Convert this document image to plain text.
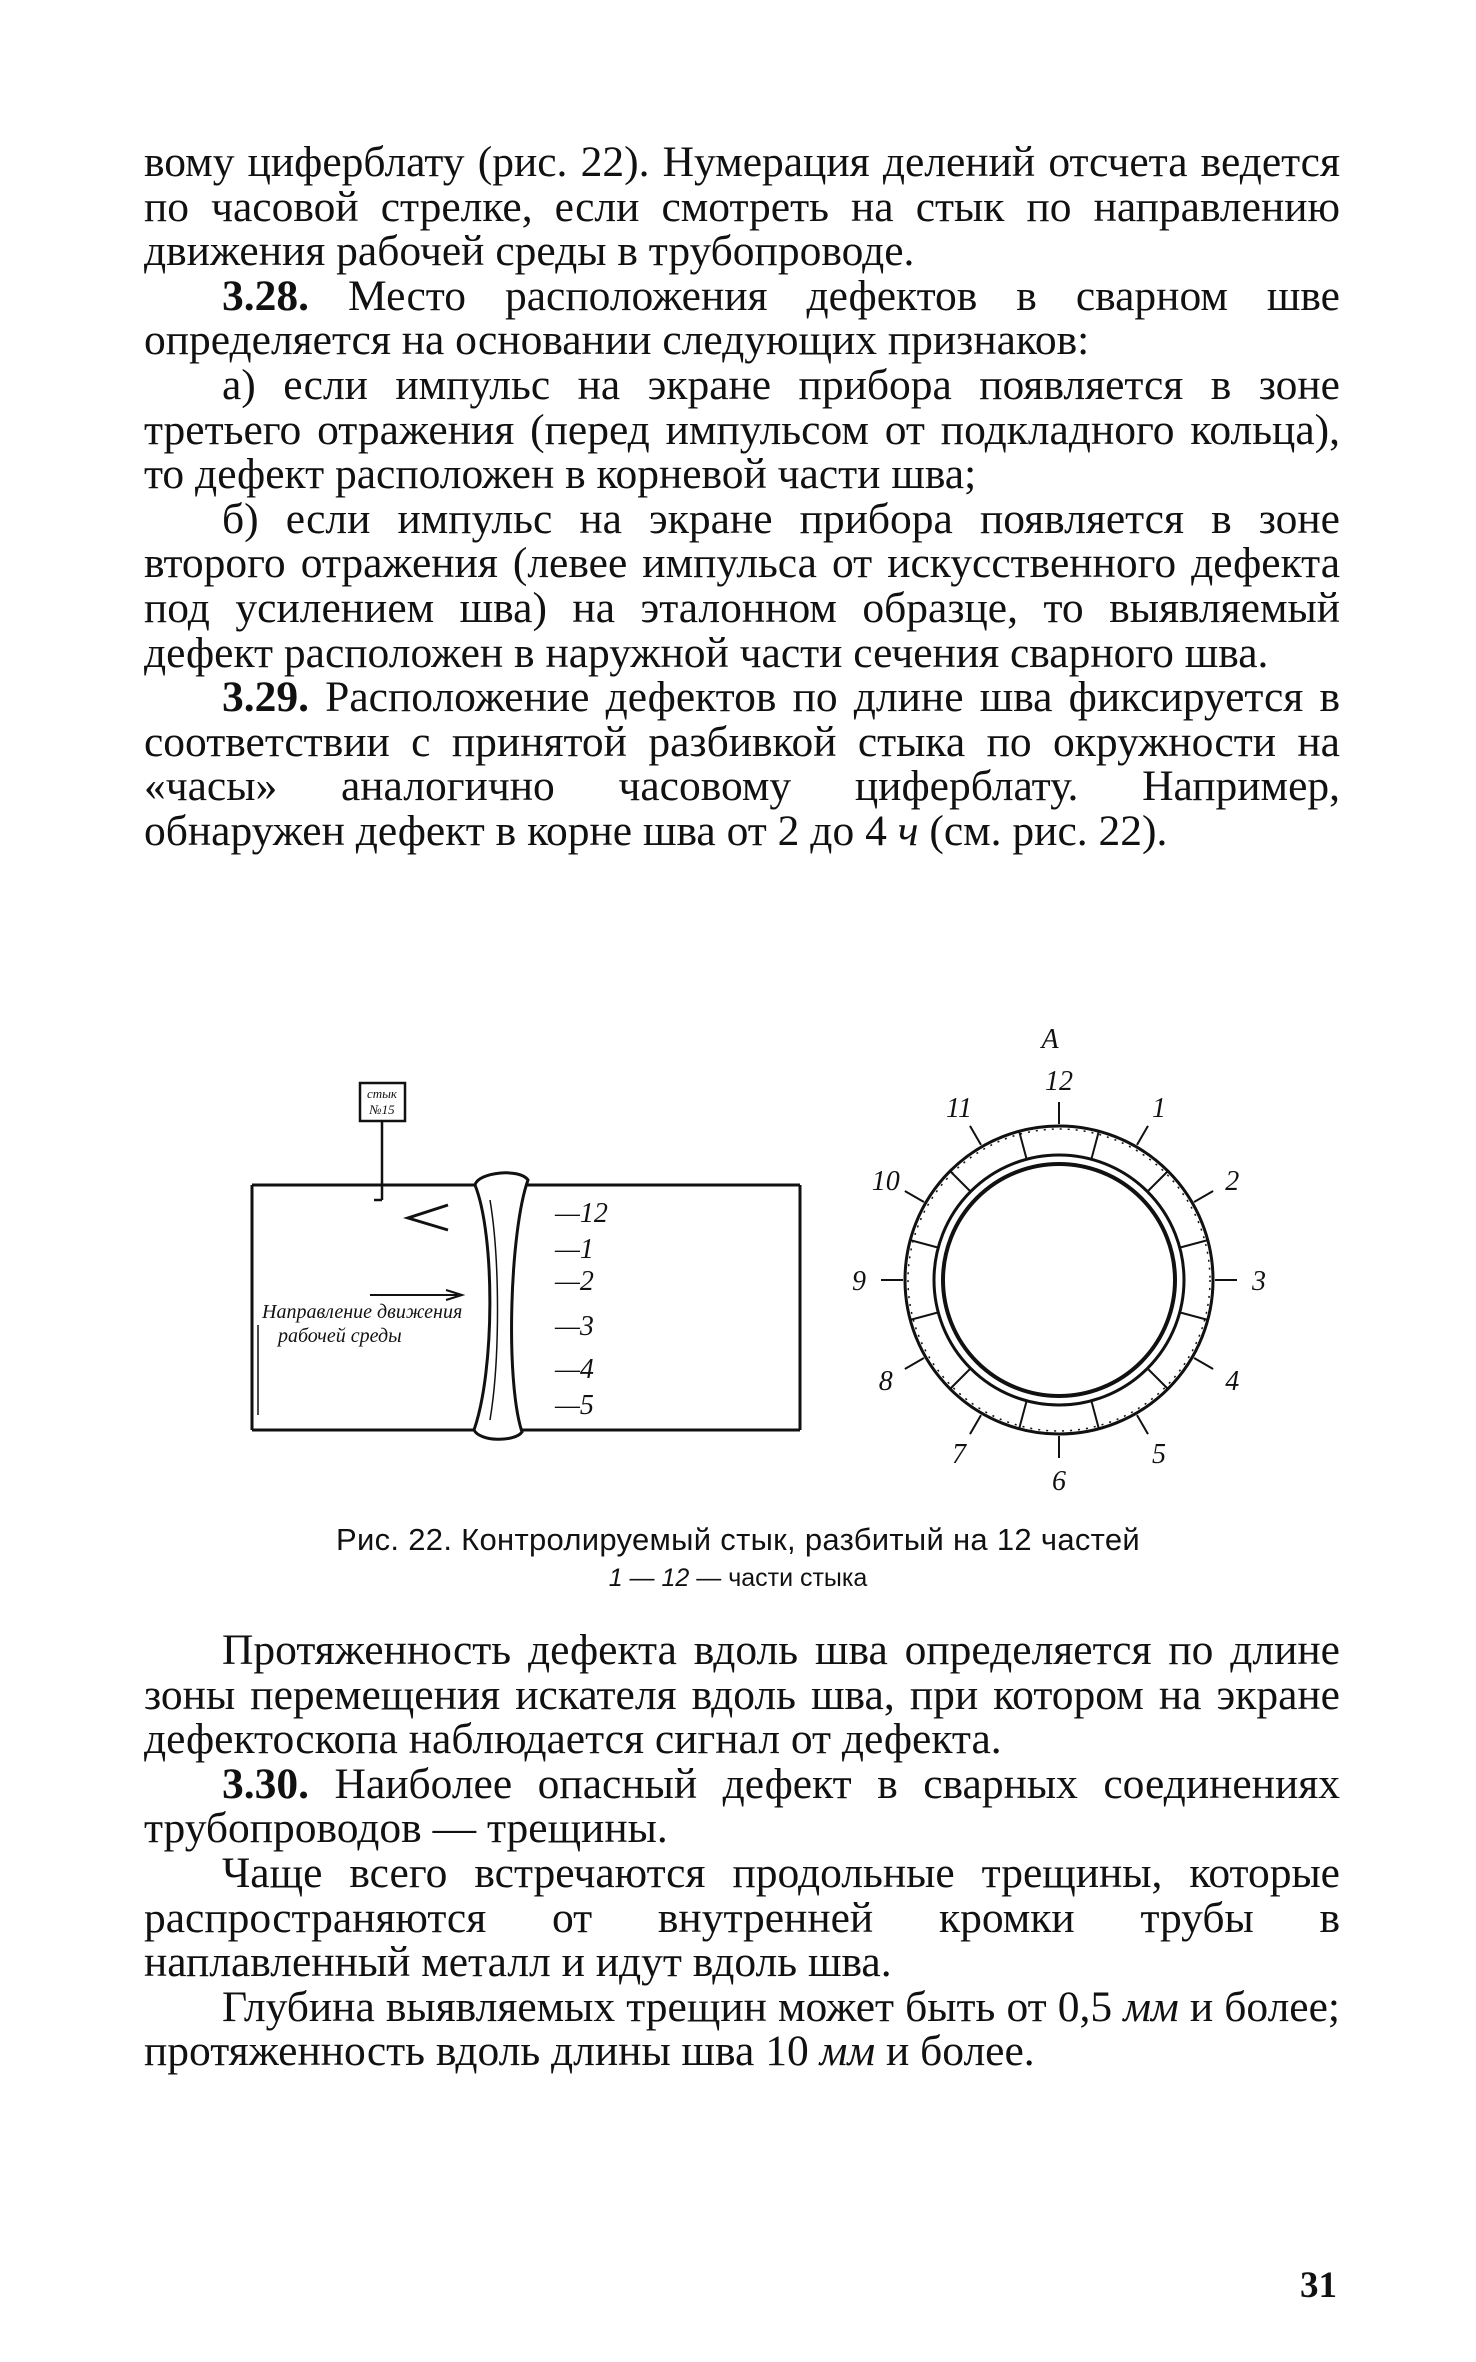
вому циферблату (рис. 22). Нумерация делений отсчета ведется по часовой стрелке, если смотреть на стык по направлению движения рабочей среды в трубопроводе.

3.28. Место расположения дефектов в сварном шве определяется на основании следующих признаков:

а) если импульс на экране прибора появляется в зоне третьего отражения (перед импульсом от подкладного кольца), то дефект расположен в корневой части шва;

б) если импульс на экране прибора появляется в зоне второго отражения (левее импульса от искусственного дефекта под усилением шва) на эталонном образце, то выявляемый дефект расположен в наружной части сечения сварного шва.

3.29. Расположение дефектов по длине шва фиксируется в соответствии с принятой разбивкой стыка по окружности на «часы» аналогично часовому циферблату. Например, обнаружен дефект в корне шва от 2 до 4 ч (см. рис. 22).

стык
№15
Направление движения
рабочей среды
—12
—1
—2
—3
—4
—5
А
12
1
2
3
4
5
6
7
8
9
10
11
Рис. 22. Контролируемый стык, разбитый на 12 частей
1 — 12 — части стыка

Протяженность дефекта вдоль шва определяется по длине зоны перемещения искателя вдоль шва, при котором на экране дефектоскопа наблюдается сигнал от дефекта.

3.30. Наиболее опасный дефект в сварных соединениях трубопроводов — трещины.

Чаще всего встречаются продольные трещины, которые распространяются от внутренней кромки трубы в наплавленный металл и идут вдоль шва.

Глубина выявляемых трещин может быть от 0,5 мм и более; протяженность вдоль длины шва 10 мм и более.

31
